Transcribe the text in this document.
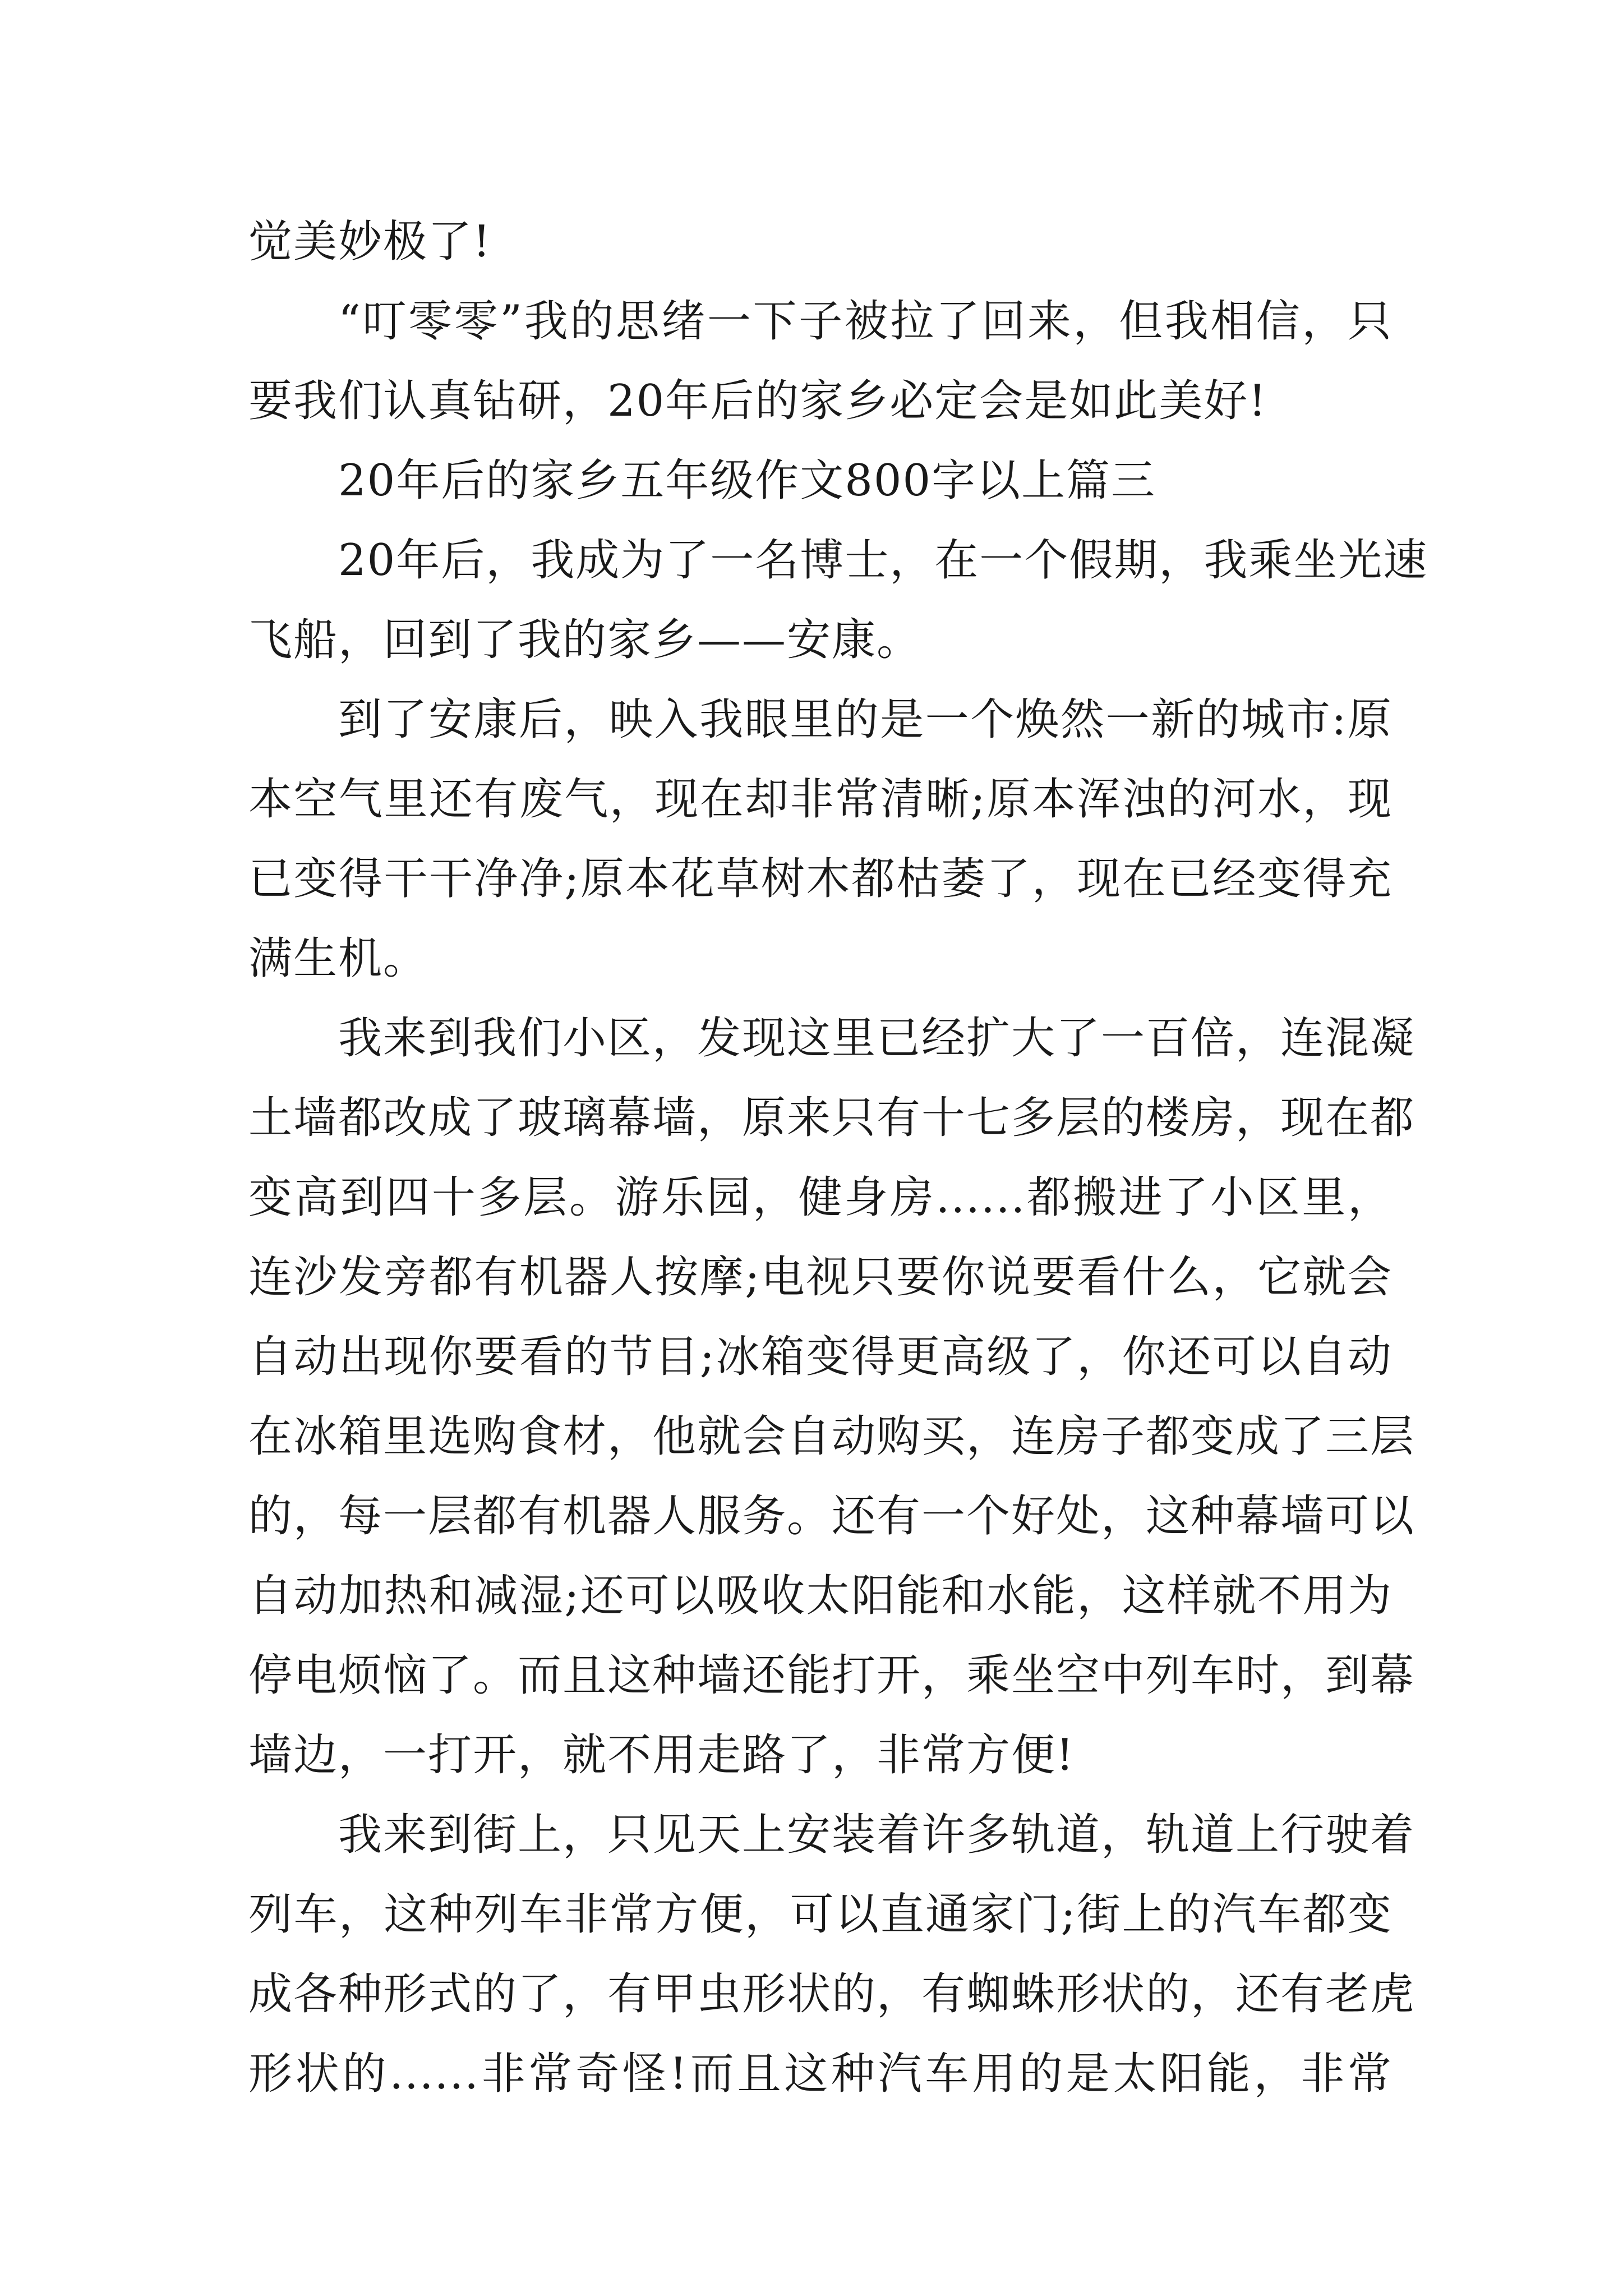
觉美妙极了!
“叮零零”我的思绪一下子被拉了回来，但我相信，只
要我们认真钻研，20年后的家乡必定会是如此美好!
20年后的家乡五年级作文800字以上篇三
20年后，我成为了一名博士，在一个假期，我乘坐光速
飞船，回到了我的家乡——安康。
到了安康后，映入我眼里的是一个焕然一新的城市:原
本空气里还有废气，现在却非常清晰;原本浑浊的河水，现
已变得干干净净;原本花草树木都枯萎了，现在已经变得充
满生机。
我来到我们小区，发现这里已经扩大了一百倍，连混凝
土墙都改成了玻璃幕墙，原来只有十七多层的楼房，现在都
变高到四十多层。游乐园，健身房......都搬进了小区里，
连沙发旁都有机器人按摩;电视只要你说要看什么，它就会
自动出现你要看的节目;冰箱变得更高级了，你还可以自动
在冰箱里选购食材，他就会自动购买，连房子都变成了三层
的，每一层都有机器人服务。还有一个好处，这种幕墙可以
自动加热和减湿;还可以吸收太阳能和水能，这样就不用为
停电烦恼了。而且这种墙还能打开，乘坐空中列车时，到幕
墙边，一打开，就不用走路了，非常方便!
我来到街上，只见天上安装着许多轨道，轨道上行驶着
列车，这种列车非常方便，可以直通家门;街上的汽车都变
成各种形式的了，有甲虫形状的，有蜘蛛形状的，还有老虎
形状的......非常奇怪!而且这种汽车用的是太阳能，非常
